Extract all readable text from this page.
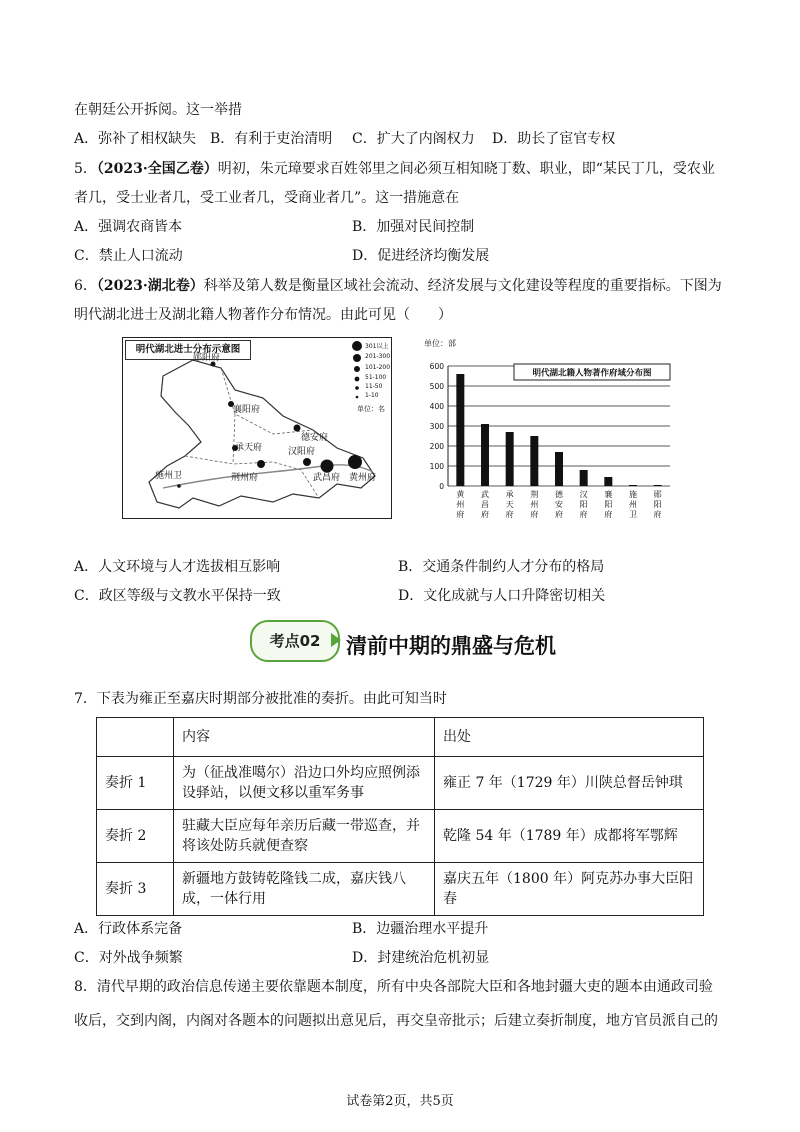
在朝廷公开拆阅。这一举措
A．弥补了相权缺失 B．有利于吏治清明 C．扩大了内阁权力 D．助长了宦官专权
5．（2023·全国乙卷）明初，朱元璋要求百姓邻里之间必须互相知晓丁数、职业，即“某民丁几，受农业
者几，受士业者几，受工业者几，受商业者几”。这一措施意在
A．强调农商皆本	B．加强对民间控制
C．禁止人口流动	D．促进经济均衡发展
6．（2023·湖北卷）科举及第人数是衡量区域社会流动、经济发展与文化建设等程度的重要指标。下图为
明代湖北进士及湖北籍人物著作分布情况。由此可见（　　）
明代湖北进士分布示意图
郧阳府
襄阳府
德安府
承天府	汉阳府
武昌府 黄州府
荆州府
施州卫
301以上
201-300
101-200
51-100
11-50
1-10
单位：名
单位：部
0
100
200
300
400
500
600
明代湖北籍人物著作府域分布图
黄州府
武昌府
承天府
荆州府
德安府
汉阳府
襄阳府
施州卫
郧阳府
A．人文环境与人才选拔相互影响	B．交通条件制约人才分布的格局
C．政区等级与文教水平保持一致	D．文化成就与人口升降密切相关
考点02	清前中期的鼎盛与危机
7．下表为雍正至嘉庆时期部分被批准的奏折。由此可知当时
	内容	出处
奏折 1	为（征战准噶尔）沿边口外均应照例添设驿站，以便文移以重军务事	雍正 7 年（1729 年）川陕总督岳钟琪
奏折 2	驻藏大臣应每年亲历后藏一带巡查，并将该处防兵就便查察	乾隆 54 年（1789 年）成都将军鄂辉
奏折 3	新疆地方鼓铸乾隆钱二成，嘉庆钱八成，一体行用	嘉庆五年（1800 年）阿克苏办事大臣阳春
A．行政体系完备	B．边疆治理水平提升
C．对外战争频繁	D．封建统治危机初显
8．清代早期的政治信息传递主要依靠题本制度，所有中央各部院大臣和各地封疆大吏的题本由通政司验
收后，交到内阁，内阁对各题本的问题拟出意见后，再交皇帝批示；后建立奏折制度，地方官员派自己的
试卷第2页，共5页
